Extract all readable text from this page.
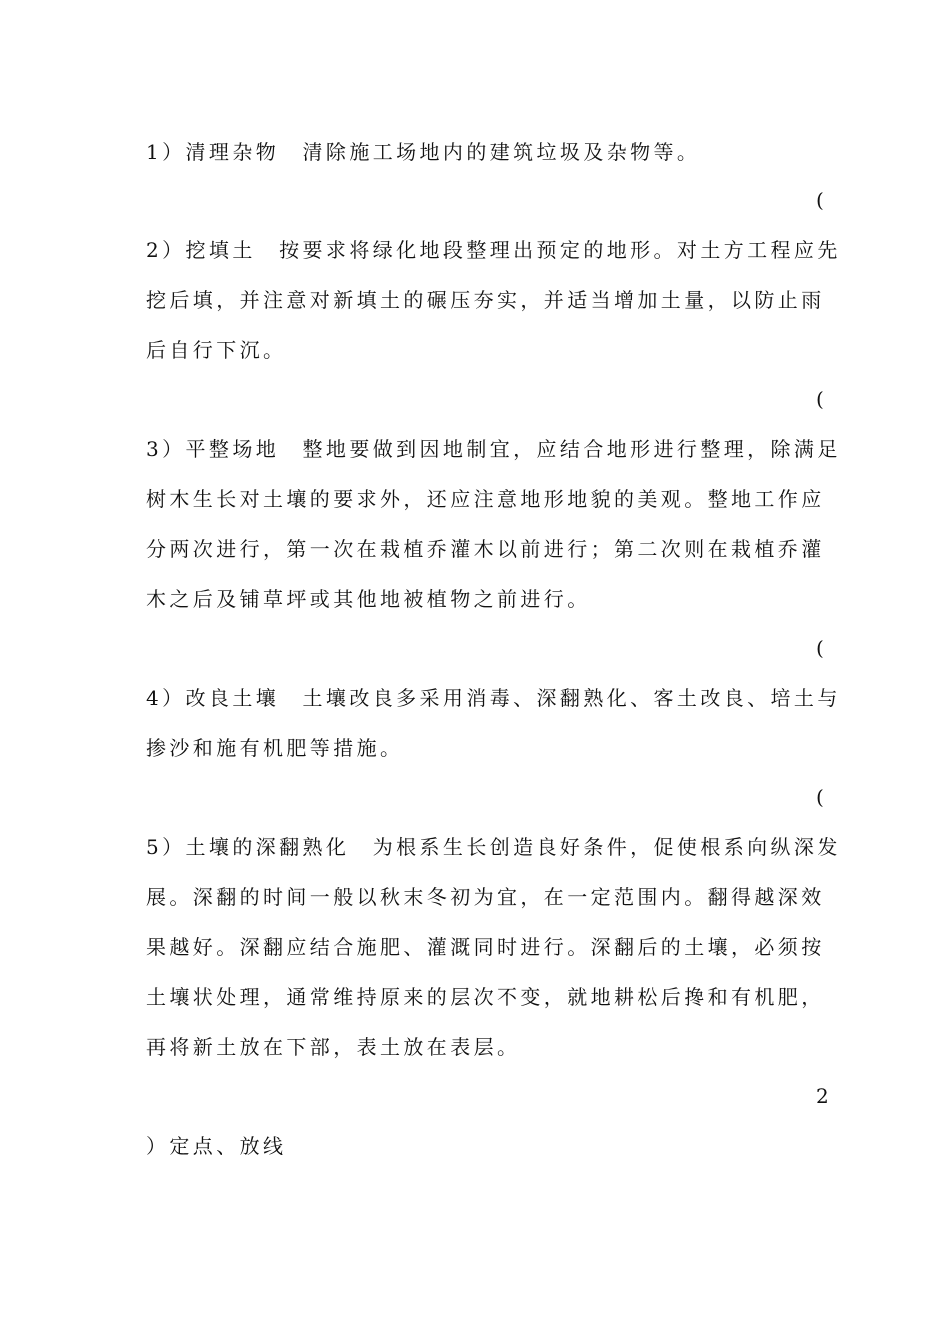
1）清理杂物　清除施工场地内的建筑垃圾及杂物等。

(

2）挖填土　按要求将绿化地段整理出预定的地形。对土方工程应先
挖后填，并注意对新填土的碾压夯实，并适当增加土量，以防止雨
后自行下沉。

(

3）平整场地　整地要做到因地制宜，应结合地形进行整理，除满足
树木生长对土壤的要求外，还应注意地形地貌的美观。整地工作应
分两次进行，第一次在栽植乔灌木以前进行；第二次则在栽植乔灌
木之后及铺草坪或其他地被植物之前进行。

(

4）改良土壤　土壤改良多采用消毒、深翻熟化、客土改良、培土与
掺沙和施有机肥等措施。

(

5）土壤的深翻熟化　为根系生长创造良好条件，促使根系向纵深发
展。深翻的时间一般以秋末冬初为宜，在一定范围内。翻得越深效
果越好。深翻应结合施肥、灌溉同时进行。深翻后的土壤，必须按
土壤状处理，通常维持原来的层次不变，就地耕松后搀和有机肥，
再将新土放在下部，表土放在表层。

2

）定点、放线
